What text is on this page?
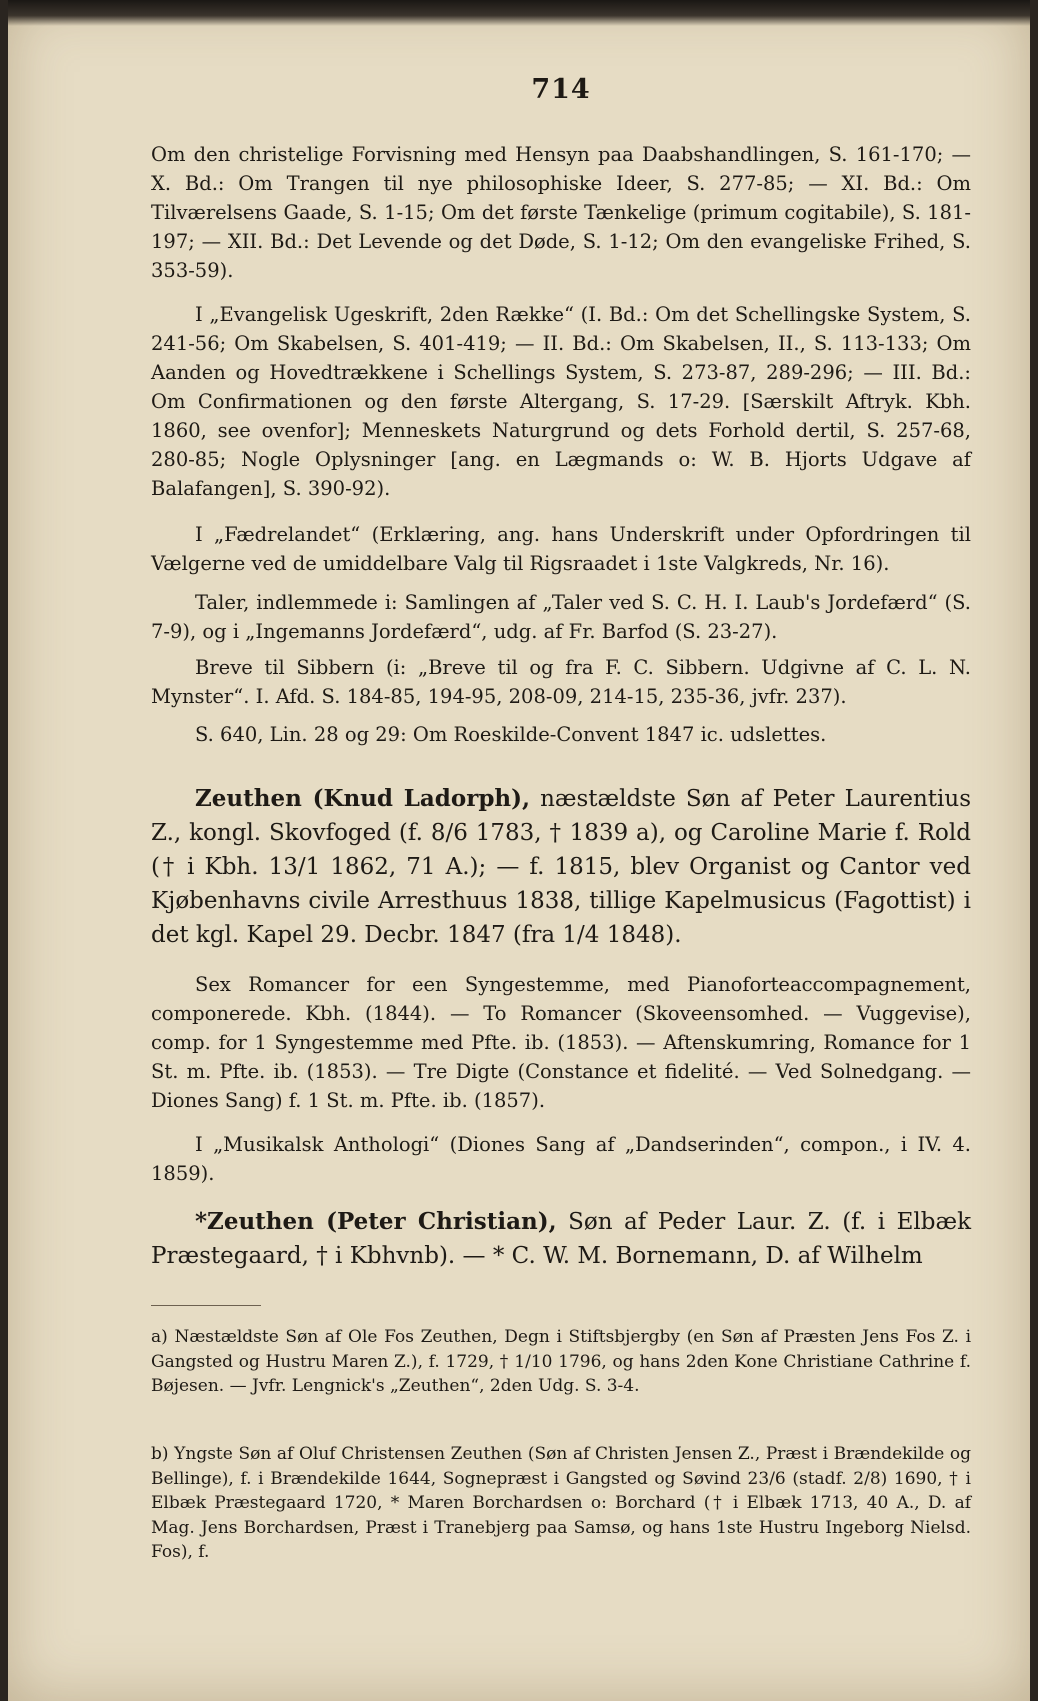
714

Om den christelige Forvisning med Hensyn paa Daabshandlingen, S. 161-170; — X. Bd.: Om Trangen til nye philosophiske Ideer, S. 277-85; — XI. Bd.: Om Tilværelsens Gaade, S. 1-15; Om det første Tænkelige (primum cogitabile), S. 181-197; — XII. Bd.: Det Levende og det Døde, S. 1-12; Om den evangeliske Frihed, S. 353-59).

I „Evangelisk Ugeskrift, 2den Række“ (I. Bd.: Om det Schellingske System, S. 241-56; Om Skabelsen, S. 401-419; — II. Bd.: Om Skabelsen, II., S. 113-133; Om Aanden og Hovedtrækkene i Schellings System, S. 273-87, 289-296; — III. Bd.: Om Confirmationen og den første Altergang, S. 17-29. [Særskilt Aftryk. Kbh. 1860, see ovenfor]; Menneskets Naturgrund og dets Forhold dertil, S. 257-68, 280-85; Nogle Oplysninger [ang. en Lægmands o: W. B. Hjorts Udgave af Balafangen], S. 390-92).

I „Fædrelandet“ (Erklæring, ang. hans Underskrift under Opfordringen til Vælgerne ved de umiddelbare Valg til Rigsraadet i 1ste Valgkreds, Nr. 16).

Taler, indlemmede i: Samlingen af „Taler ved S. C. H. I. Laub's Jordefærd“ (S. 7-9), og i „Ingemanns Jordefærd“, udg. af Fr. Barfod (S. 23-27).

Breve til Sibbern (i: „Breve til og fra F. C. Sibbern. Udgivne af C. L. N. Mynster“. I. Afd. S. 184-85, 194-95, 208-09, 214-15, 235-36, jvfr. 237).

S. 640, Lin. 28 og 29: Om Roeskilde-Convent 1847 ic. udslettes.

Zeuthen (Knud Ladorph), næstældste Søn af Peter Laurentius Z., kongl. Skovfoged (f. 8/6 1783, † 1839 a), og Caroline Marie f. Rold († i Kbh. 13/1 1862, 71 A.); — f. 1815, blev Organist og Cantor ved Kjøbenhavns civile Arresthuus 1838, tillige Kapelmusicus (Fagottist) i det kgl. Kapel 29. Decbr. 1847 (fra 1/4 1848).

Sex Romancer for een Syngestemme, med Pianoforteaccompagnement, componerede. Kbh. (1844). — To Romancer (Skoveensomhed. — Vuggevise), comp. for 1 Syngestemme med Pfte. ib. (1853). — Aftenskumring, Romance for 1 St. m. Pfte. ib. (1853). — Tre Digte (Constance et fidelité. — Ved Solnedgang. — Diones Sang) f. 1 St. m. Pfte. ib. (1857).

I „Musikalsk Anthologi“ (Diones Sang af „Dandserinden“, compon., i IV. 4. 1859).

*Zeuthen (Peter Christian), Søn af Peder Laur. Z. (f. i Elbæk Præstegaard, † i Kbhvnb). — * C. W. M. Bornemann, D. af Wilhelm

a) Næstældste Søn af Ole Fos Zeuthen, Degn i Stiftsbjergby (en Søn af Præsten Jens Fos Z. i Gangsted og Hustru Maren Z.), f. 1729, † 1/10 1796, og hans 2den Kone Christiane Cathrine f. Bøjesen. — Jvfr. Lengnick's „Zeuthen“, 2den Udg. S. 3-4.

b) Yngste Søn af Oluf Christensen Zeuthen (Søn af Christen Jensen Z., Præst i Brændekilde og Bellinge), f. i Brændekilde 1644, Sognepræst i Gangsted og Søvind 23/6 (stadf. 2/8) 1690, † i Elbæk Præstegaard 1720, * Maren Borchardsen o: Borchard († i Elbæk 1713, 40 A., D. af Mag. Jens Borchardsen, Præst i Tranebjerg paa Samsø, og hans 1ste Hustru Ingeborg Nielsd. Fos), f.
